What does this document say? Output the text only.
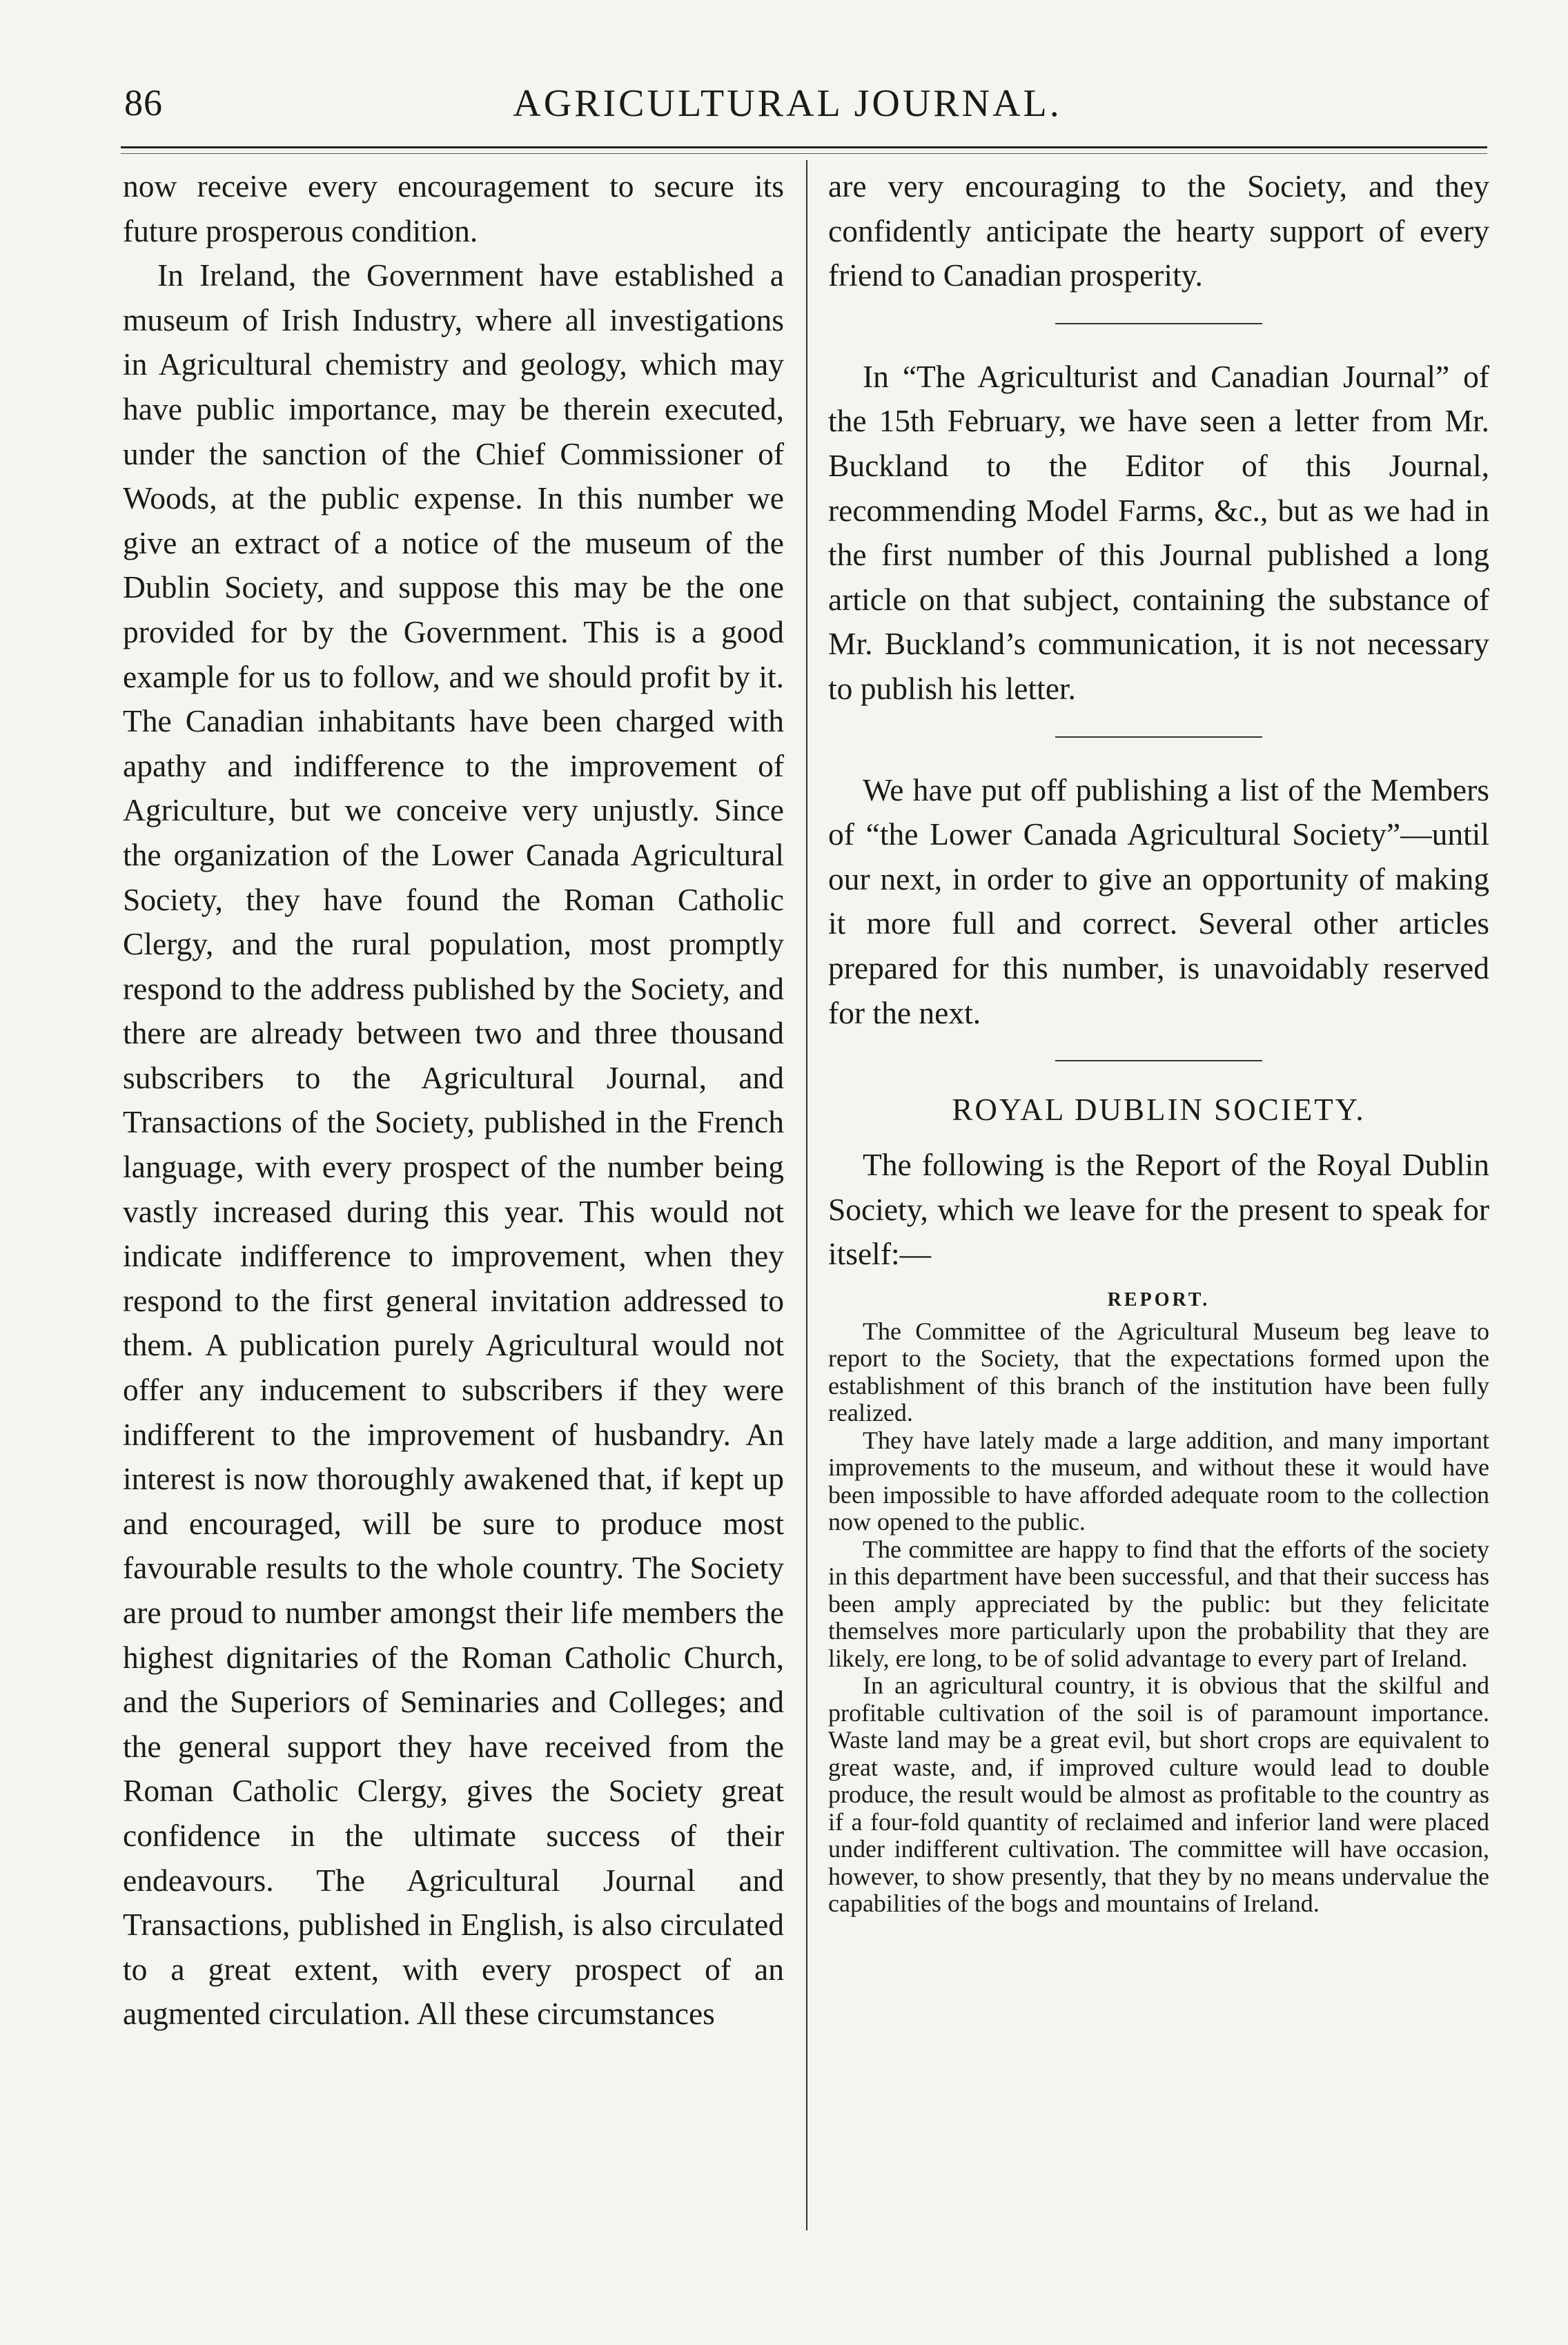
86	AGRICULTURAL JOURNAL.

now receive every encouragement to secure its future prosperous condition.

In Ireland, the Government have established a museum of Irish Industry, where all investigations in Agricultural chemistry and geology, which may have public importance, may be therein executed, under the sanction of the Chief Commissioner of Woods, at the public expense. In this number we give an extract of a notice of the museum of the Dublin Society, and suppose this may be the one provided for by the Government. This is a good example for us to follow, and we should profit by it. The Canadian inhabitants have been charged with apathy and indifference to the improvement of Agriculture, but we conceive very unjustly. Since the organization of the Lower Canada Agricultural Society, they have found the Roman Catholic Clergy, and the rural population, most promptly respond to the address published by the Society, and there are already between two and three thousand subscribers to the Agricultural Journal, and Transactions of the Society, published in the French language, with every prospect of the number being vastly increased during this year. This would not indicate indifference to improvement, when they respond to the first general invitation addressed to them. A publication purely Agricultural would not offer any inducement to subscribers if they were indifferent to the improvement of husbandry. An interest is now thoroughly awakened that, if kept up and encouraged, will be sure to produce most favourable results to the whole country. The Society are proud to number amongst their life members the highest dignitaries of the Roman Catholic Church, and the Superiors of Seminaries and Colleges; and the general support they have received from the Roman Catholic Clergy, gives the Society great confidence in the ultimate success of their endeavours. The Agricultural Journal and Transactions, published in English, is also circulated to a great extent, with every prospect of an augmented circulation. All these circumstances

are very encouraging to the Society, and they confidently anticipate the hearty support of every friend to Canadian prosperity.

In “The Agriculturist and Canadian Journal” of the 15th February, we have seen a letter from Mr. Buckland to the Editor of this Journal, recommending Model Farms, &c., but as we had in the first number of this Journal published a long article on that subject, containing the substance of Mr. Buckland’s communication, it is not necessary to publish his letter.

We have put off publishing a list of the Members of “the Lower Canada Agricultural Society”—until our next, in order to give an opportunity of making it more full and correct. Several other articles prepared for this number, is unavoidably reserved for the next.

ROYAL DUBLIN SOCIETY.

The following is the Report of the Royal Dublin Society, which we leave for the present to speak for itself:—

REPORT.

The Committee of the Agricultural Museum beg leave to report to the Society, that the expectations formed upon the establishment of this branch of the institution have been fully realized.

They have lately made a large addition, and many important improvements to the museum, and without these it would have been impossible to have afforded adequate room to the collection now opened to the public.

The committee are happy to find that the efforts of the society in this department have been successful, and that their success has been amply appreciated by the public: but they felicitate themselves more particularly upon the probability that they are likely, ere long, to be of solid advantage to every part of Ireland.

In an agricultural country, it is obvious that the skilful and profitable cultivation of the soil is of paramount importance. Waste land may be a great evil, but short crops are equivalent to great waste, and, if improved culture would lead to double produce, the result would be almost as profitable to the country as if a four-fold quantity of reclaimed and inferior land were placed under indifferent cultivation. The committee will have occasion, however, to show presently, that they by no means undervalue the capabilities of the bogs and mountains of Ireland.
